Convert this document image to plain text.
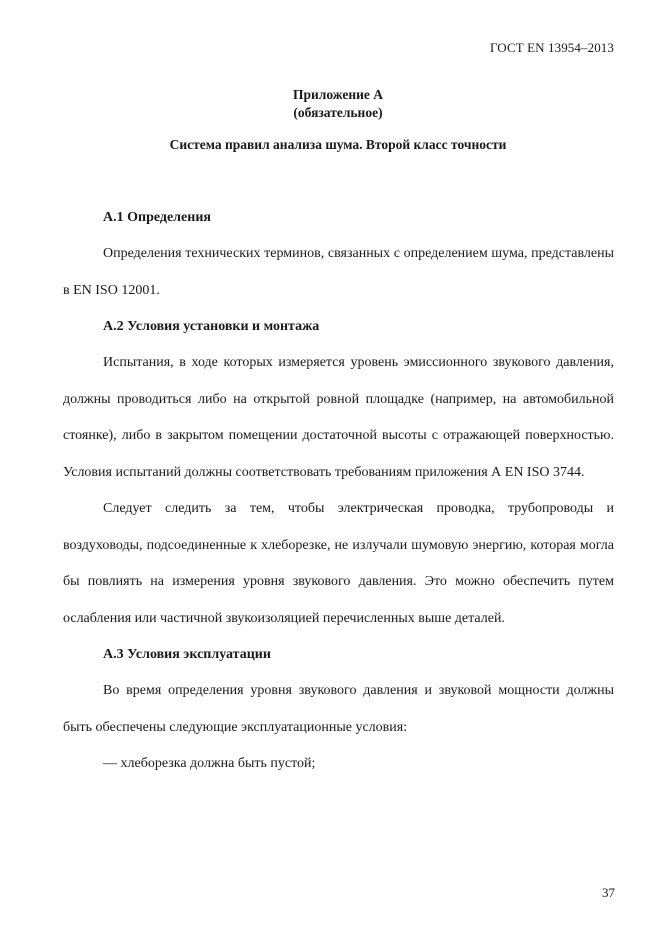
ГОСТ EN 13954–2013
Приложение А
(обязательное)
Система правил анализа шума. Второй класс точности
А.1 Определения

Определения технических терминов, связанных с определением шума, представлены в EN ISO 12001.

А.2 Условия установки и монтажа

Испытания, в ходе которых измеряется уровень эмиссионного звукового давления, должны проводиться либо на открытой ровной площадке (например, на автомобильной стоянке), либо в закрытом помещении достаточной высоты с отражающей поверхностью. Условия испытаний должны соответствовать требованиям приложения А EN ISO 3744.

Следует следить за тем, чтобы электрическая проводка, трубопроводы и воздуховоды, подсоединенные к хлеборезке, не излучали шумовую энергию, которая могла бы повлиять на измерения уровня звукового давления. Это можно обеспечить путем ослабления или частичной звукоизоляцией перечисленных выше деталей.

А.3 Условия эксплуатации

Во время определения уровня звукового давления и звуковой мощности должны быть обеспечены следующие эксплуатационные условия:

— хлеборезка должна быть пустой;
37
